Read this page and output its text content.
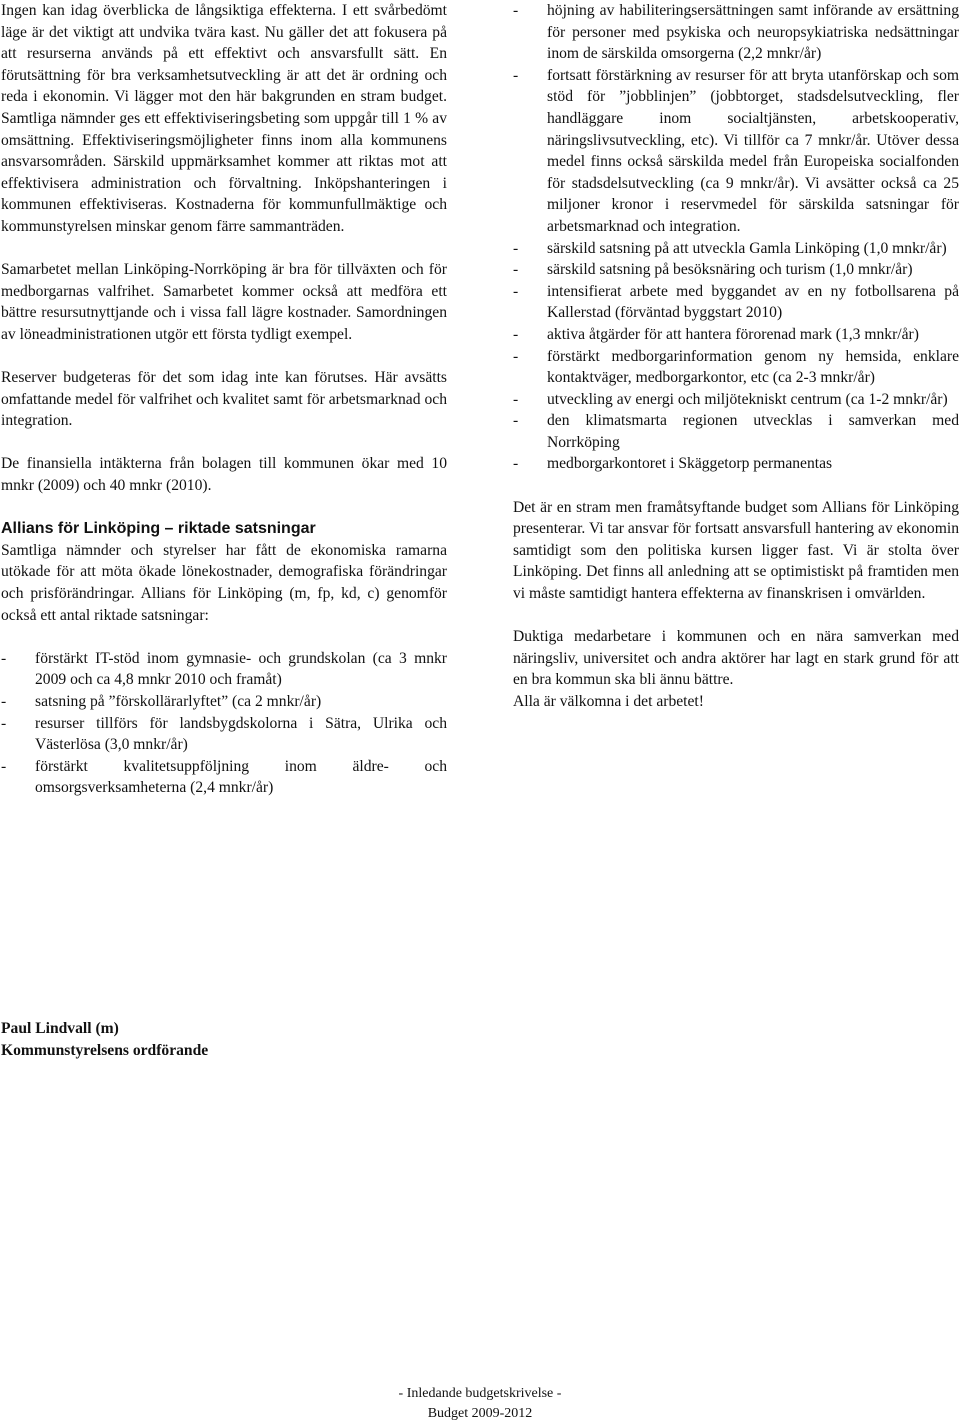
Ingen kan idag överblicka de långsiktiga effekterna. I ett svårbedömt läge är det viktigt att undvika tvära kast. Nu gäller det att fokusera på att resurserna används på ett effektivt och ansvarsfullt sätt. En förutsättning för bra verksamhetsutveckling är att det är ordning och reda i ekonomin. Vi lägger mot den här bakgrunden en stram budget. Samtliga nämnder ges ett effektiviseringsbeting som uppgår till 1 % av omsättning. Effektiviseringsmöjligheter finns inom alla kommunens ansvarsområden. Särskild uppmärksamhet kommer att riktas mot att effektivisera administration och förvaltning. Inköpshanteringen i kommunen effektiviseras. Kostnaderna för kommunfullmäktige och kommunstyrelsen minskar genom färre sammanträden.

Samarbetet mellan Linköping-Norrköping är bra för tillväxten och för medborgarnas valfrihet. Samarbetet kommer också att medföra ett bättre resursutnyttjande och i vissa fall lägre kostnader. Samordningen av löneadministrationen utgör ett första tydligt exempel.

Reserver budgeteras för det som idag inte kan förutses. Här avsätts omfattande medel för valfrihet och kvalitet samt för arbetsmarknad och integration.

De finansiella intäkterna från bolagen till kommunen ökar med 10 mnkr (2009) och 40 mnkr (2010).

Allians för Linköping – riktade satsningar

Samtliga nämnder och styrelser har fått de ekonomiska ramarna utökade för att möta ökade lönekostnader, demografiska förändringar och prisförändringar. Allians för Linköping (m, fp, kd, c) genomför också ett antal riktade satsningar:

- förstärkt IT-stöd inom gymnasie- och grundskolan (ca 3 mnkr 2009 och ca 4,8 mnkr 2010 och framåt)
- satsning på ”förskollärarlyftet” (ca 2 mnkr/år)
- resurser tillförs för landsbygdskolorna i Sätra, Ulrika och Västerlösa (3,0 mnkr/år)
- förstärkt kvalitetsuppföljning inom äldre- och omsorgsverksamheterna (2,4 mnkr/år)
- höjning av habiliteringsersättningen samt införande av ersättning för personer med psykiska och neuropsykiatriska nedsättningar inom de särskilda omsorgerna (2,2 mnkr/år)
- fortsatt förstärkning av resurser för att bryta utanförskap och som stöd för ”jobblinjen” (jobbtorget, stadsdelsutveckling, fler handläggare inom socialtjänsten, arbetskooperativ, näringslivsutveckling, etc). Vi tillför ca 7 mnkr/år. Utöver dessa medel finns också särskilda medel från Europeiska socialfonden för stadsdelsutveckling (ca 9 mnkr/år). Vi avsätter också ca 25 miljoner kronor i reservmedel för särskilda satsningar för arbetsmarknad och integration.
- särskild satsning på att utveckla Gamla Linköping (1,0 mnkr/år)
- särskild satsning på besöksnäring och turism (1,0 mnkr/år)
- intensifierat arbete med byggandet av en ny fotbollsarena på Kallerstad (förväntad byggstart 2010)
- aktiva åtgärder för att hantera förorenad mark (1,3 mnkr/år)
- förstärkt medborgarinformation genom ny hemsida, enklare kontaktväger, medborgarkontor, etc (ca 2-3 mnkr/år)
- utveckling av energi och miljötekniskt centrum (ca 1-2 mnkr/år)
- den klimatsmarta regionen utvecklas i samverkan med Norrköping
- medborgarkontoret i Skäggetorp permanentas

Det är en stram men framåtsyftande budget som Allians för Linköping presenterar. Vi tar ansvar för fortsatt ansvarsfull hantering av ekonomin samtidigt som den politiska kursen ligger fast. Vi är stolta över Linköping. Det finns all anledning att se optimistiskt på framtiden men vi måste samtidigt hantera effekterna av finanskrisen i omvärlden.

Duktiga medarbetare i kommunen och en nära samverkan med näringsliv, universitet och andra aktörer har lagt en stark grund för att en bra kommun ska bli ännu bättre.

Alla är välkomna i det arbetet!

Paul Lindvall (m)
Kommunstyrelsens ordförande
- Inledande budgetskrivelse -
Budget 2009-2012
